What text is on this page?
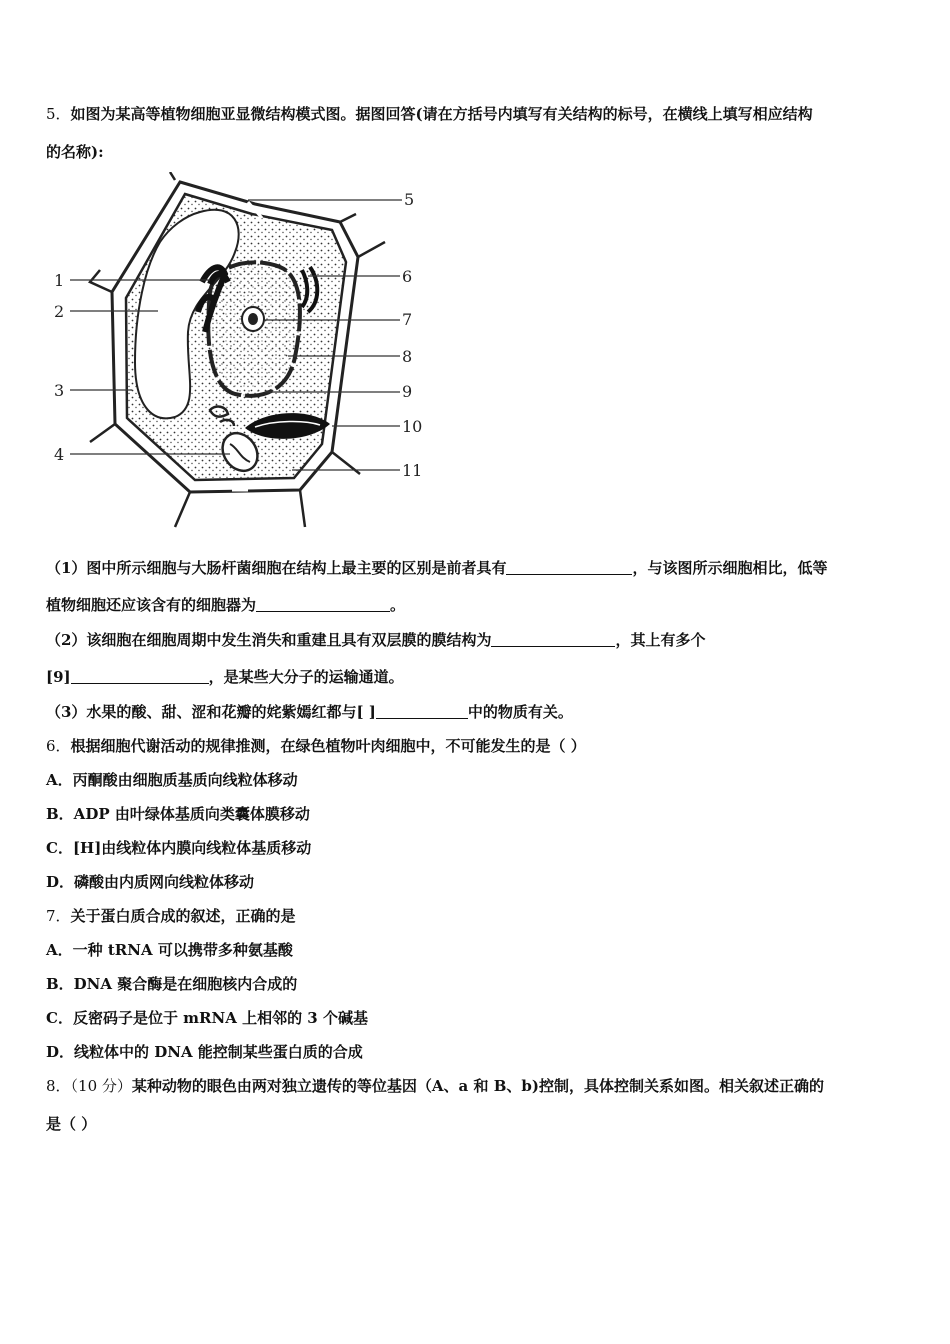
5．如图为某高等植物细胞亚显微结构模式图。据图回答(请在方括号内填写有关结构的标号，在横线上填写相应结构
的名称):
5
1	6
2	7
8
3	9
10
4
11
（1）图中所示细胞与大肠杆菌细胞在结构上最主要的区别是前者具有	，与该图所示细胞相比，低等
植物细胞还应该含有的细胞器为	。
（2）该细胞在细胞周期中发生消失和重建且具有双层膜的膜结构为	，其上有多个
[9]	，是某些大分子的运输通道。
（3）水果的酸、甜、涩和花瓣的姹紫嫣红都与[ ]	中的物质有关。
6．根据细胞代谢活动的规律推测，在绿色植物叶肉细胞中，不可能发生的是（ ）
A．丙酮酸由细胞质基质向线粒体移动
B．ADP 由叶绿体基质向类囊体膜移动
C．[H]由线粒体内膜向线粒体基质移动
D．磷酸由内质网向线粒体移动
7．关于蛋白质合成的叙述，正确的是
A．一种 tRNA 可以携带多种氨基酸
B．DNA 聚合酶是在细胞核内合成的
C．反密码子是位于 mRNA 上相邻的 3 个碱基
D．线粒体中的 DNA 能控制某些蛋白质的合成
8．（10 分）某种动物的眼色由两对独立遗传的等位基因（A、a 和 B、b)控制，具体控制关系如图。相关叙述正确的
是（ ）
